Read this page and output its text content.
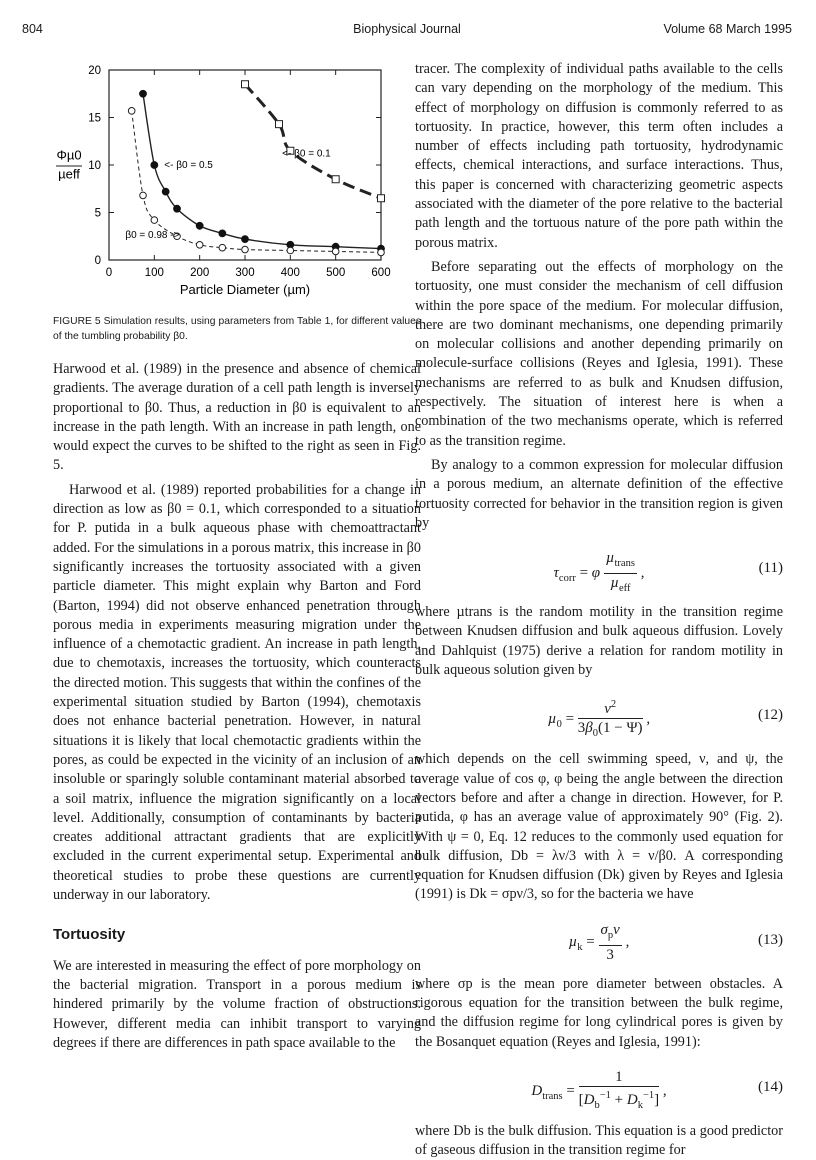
804	Biophysical Journal	Volume 68 March 1995
0	100 200 300 400 500 600
0
5
10
15
20
Particle Diameter (µm)
Φµ0
µeff
<- β0 = 0.1
<- β0 = 0.5
β0 = 0.98 ->
FIGURE 5 Simulation results, using parameters from Table 1, for different values of the tumbling probability β0.

Harwood et al. (1989) in the presence and absence of chemical gradients. The average duration of a cell path length is inversely proportional to β0. Thus, a reduction in β0 is equivalent to an increase in the path length. With an increase in path length, one would expect the curves to be shifted to the right as seen in Fig. 5.

Harwood et al. (1989) reported probabilities for a change in direction as low as β0 = 0.1, which corresponded to a situation for P. putida in a bulk aqueous phase with chemoattractant added. For the simulations in a porous matrix, this increase in β0 significantly increases the tortuosity associated with a given particle diameter. This might explain why Barton and Ford (Barton, 1994) did not observe enhanced penetration through porous media in experiments measuring migration under the influence of a chemotactic gradient. An increase in path length, due to chemotaxis, increases the tortuosity, which counteracts the directed motion. This suggests that within the confines of the experimental situation studied by Barton (1994), chemotaxis does not enhance bacterial penetration. However, in natural situations it is likely that local chemotactic gradients within the pores, as could be expected in the vicinity of an inclusion of an insoluble or sparingly soluble contaminant material absorbed to a soil matrix, influence the migration significantly on a local level. Additionally, consumption of contaminants by bacteria creates additional attractant gradients that are explicitly excluded in the current experimental setup. Experimental and theoretical studies to probe these questions are currently underway in our laboratory.

Tortuosity

We are interested in measuring the effect of pore morphology on the bacterial migration. Transport in a porous medium is hindered primarily by the volume fraction of obstructions. However, different media can inhibit transport to varying degrees if there are differences in path space available to the

tracer. The complexity of individual paths available to the cells can vary depending on the morphology of the medium. This effect of morphology on diffusion is commonly referred to as tortuosity. In practice, however, this term often includes a number of effects including path tortuosity, hydrodynamic effects, chemical interactions, and surface interactions. Thus, this paper is concerned with characterizing geometric aspects associated with the diameter of the pore relative to the bacterial path length and the tortuous nature of the pore path within the porous matrix.

Before separating out the effects of morphology on the tortuosity, one must consider the mechanism of cell diffusion within the pore space of the medium. For molecular diffusion, there are two dominant mechanisms, one depending primarily on molecular collisions and another depending primarily on molecule-surface collisions (Reyes and Iglesia, 1991). These mechanisms are referred to as bulk and Knudsen diffusion, respectively. The situation of interest here is when a combination of the two mechanisms operate, which is referred to as the transition regime.

By analogy to a common expression for molecular diffusion in a porous medium, an alternate definition of the effective tortuosity corrected for behavior in the transition region is given by

$\tau_{corr} = \varphi \frac{\mu_{trans}}{\mu_{eff}}$ ,	(11)

where µtrans is the random motility in the transition regime between Knudsen diffusion and bulk aqueous diffusion. Lovely and Dahlquist (1975) derive a relation for random motility in bulk aqueous solution given by

$\mu_0 = \frac{\nu^2}{3\beta_0(1 - \Psi)}$ ,	(12)

which depends on the cell swimming speed, ν, and ψ, the average value of cos φ, φ being the angle between the direction vectors before and after a change in direction. However, for P. putida, φ has an average value of approximately 90° (Fig. 2). With ψ = 0, Eq. 12 reduces to the commonly used equation for bulk diffusion, Db = λν/3 with λ = ν/β0. A corresponding equation for Knudsen diffusion (Dk) given by Reyes and Iglesia (1991) is Dk = σpν/3, so for the bacteria we have

$\mu_k = \frac{\sigma_p\nu}{3}$ ,	(13)

where σp is the mean pore diameter between obstacles. A rigorous equation for the transition between the bulk regime, and the diffusion regime for long cylindrical pores is given by the Bosanquet equation (Reyes and Iglesia, 1991):

$D_{trans} = \frac{1}{[D_b^{-1} + D_k^{-1}]}$ ,	(14)

where Db is the bulk diffusion. This equation is a good predictor of gaseous diffusion in the transition regime for
